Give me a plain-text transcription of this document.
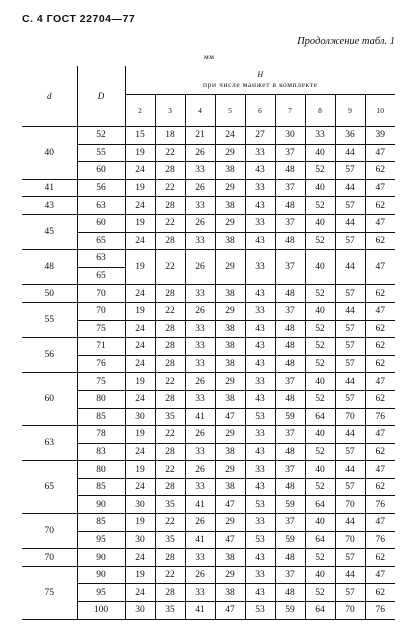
С. 4 ГОСТ 22704—77
Продолжение табл. 1
мм
d	D	H
при числе манжет в комплекте								

		2	3	4	5	6	7	8	9	10
40	52	15	18	21	24	27	30	33	36	39
	55	19	22	26	29	33	37	40	44	47
	60	24	28	33	38	43	48	52	57	62
41	56	19	22	26	29	33	37	40	44	47
43	63	24	28	33	38	43	48	52	57	62
45	60	19	22	26	29	33	37	40	44	47
	65	24	28	33	38	43	48	52	57	62
48	63	19	22	26	29	33	37	40	44	47
	65									
50	70	24	28	33	38	43	48	52	57	62
55	70	19	22	26	29	33	37	40	44	47
	75	24	28	33	38	43	48	52	57	62
56	71	24	28	33	38	43	48	52	57	62
	76	24	28	33	38	43	48	52	57	62
60	75	19	22	26	29	33	37	40	44	47
	80	24	28	33	38	43	48	52	57	62
	85	30	35	41	47	53	59	64	70	76
63	78	19	22	26	29	33	37	40	44	47
	83	24	28	33	38	43	48	52	57	62
65	80	19	22	26	29	33	37	40	44	47
	85	24	28	33	38	43	48	52	57	62
	90	30	35	41	47	53	59	64	70	76
70	85	19	22	26	29	33	37	40	44	47
	95	30	35	41	47	53	59	64	70	76
70	90	24	28	33	38	43	48	52	57	62
75	90	19	22	26	29	33	37	40	44	47
	95	24	28	33	38	43	48	52	57	62
	100	30	35	41	47	53	59	64	70	76
